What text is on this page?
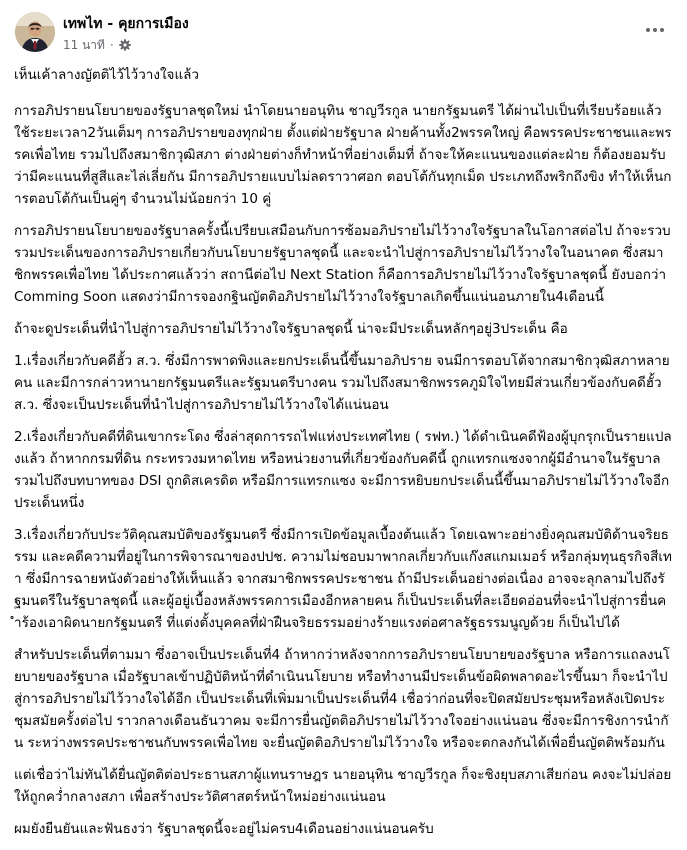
เทพไท - คุยการเมือง
11 นาที ·

เห็นเค้าลางญัตติไว้ไว้วางใจแล้ว

การอภิปรายนโยบายของรัฐบาลชุดใหม่ นำโดยนายอนุทิน ชาญวีรกูล นายกรัฐมนตรี ได้ผ่านไปเป็นที่เรียบร้อยแล้ว ใช้ระยะเวลา2วันเต็มๆ การอภิปรายของทุกฝ่าย ตั้งแต่ฝ่ายรัฐบาล ฝ่ายค้านทั้ง2พรรคใหญ่ คือพรรคประชาชนและพรรคเพื่อไทย รวมไปถึงสมาชิกวุฒิสภา ต่างฝ่ายต่างก็ทำหน้าที่อย่างเต็มที่ ถ้าจะให้คะแนนของแต่ละฝ่าย ก็ต้องยอมรับว่ามีคะแนนที่สูสีและไล่เลี่ยกัน มีการอภิปรายแบบไม่ลดราวาศอก ตอบโต้กันทุกเม็ด ประเภทถึงพริกถึงขิง ทำให้เห็นการตอบโต้กันเป็นคู่ๆ จำนวนไม่น้อยกว่า 10 คู่

การอภิปรายนโยบายของรัฐบาลครั้งนี้เปรียบเสมือนกับการซ้อมอภิปรายไม่ไว้วางใจรัฐบาลในโอกาสต่อไป ถ้าจะรวบรวมประเด็นของการอภิปรายเกี่ยวกับนโยบายรัฐบาลชุดนี้ และจะนำไปสู่การอภิปรายไม่ไว้วางใจในอนาคต ซึ่งสมาชิกพรรคเพื่อไทย ได้ประกาศแล้วว่า สถานีต่อไป Next Station ก็คือการอภิปรายไม่ไว้วางใจรัฐบาลชุดนี้ ยังบอกว่า Comming Soon แสดงว่ามีการจองกฐินญัตติอภิปรายไม่ไว้วางใจรัฐบาลเกิดขึ้นแน่นอนภายใน4เดือนนี้

ถ้าจะดูประเด็นที่นำไปสู่การอภิปรายไม่ไว้วางใจรัฐบาลชุดนี้ น่าจะมีประเด็นหลักๆอยู่3ประเด็น คือ

1.เรื่องเกี่ยวกับคดีฮั้ว ส.ว. ซึ่งมีการพาดพิงและยกประเด็นนี้ขึ้นมาอภิปราย จนมีการตอบโต้จากสมาชิกวุฒิสภาหลายคน และมีการกล่าวหานายกรัฐมนตรีและรัฐมนตรีบางคน รวมไปถึงสมาชิกพรรคภูมิใจไทยมีส่วนเกี่ยวข้องกับคดีฮั้ว ส.ว. ซึ่งจะเป็นประเด็นที่นำไปสู่การอภิปรายไม่ไว้วางใจได้แน่นอน

2.เรื่องเกี่ยวกับคดีที่ดินเขากระโดง ซึ่งล่าสุดการรถไฟแห่งประเทศไทย ( รฟท.) ได้ดำเนินคดีฟ้องผู้บุกรุกเป็นรายแปลงแล้ว ถ้าหากกรมที่ดิน กระทรวงมหาดไทย หรือหน่วยงานที่เกี่ยวข้องกับคดีนี้ ถูกแทรกแซงจากผู้มีอำนาจในรัฐบาล รวมไปถึงบทบาทของ DSI ถูกดิสเครดิต หรือมีการแทรกแซง จะมีการหยิบยกประเด็นนี้ขึ้นมาอภิปรายไม่ไว้วางใจอีกประเด็นหนึ่ง

3.เรื่องเกี่ยวกับประวัติคุณสมบัติของรัฐมนตรี ซึ่งมีการเปิดข้อมูลเบื้องต้นแล้ว โดยเฉพาะอย่างยิ่งคุณสมบัติด้านจริยธรรม และคดีความที่อยู่ในการพิจารณาของปปช. ความไม่ชอบมาพากลเกี่ยวกับแก๊งสแกมเมอร์ หรือกลุ่มทุนธุรกิจสีเทา ซึ่งมีการฉายหนังตัวอย่างให้เห็นแล้ว จากสมาชิกพรรคประชาชน ถ้ามีประเด็นอย่างต่อเนื่อง อาจจะลุกลามไปถึงรัฐมนตรีในรัฐบาลชุดนี้ และผู้อยู่เบื้องหลังพรรคการเมืองอีกหลายคน ก็เป็นประเด็นที่ละเอียดอ่อนที่จะนำไปสู่การยื่นคำร้องเอาผิดนายกรัฐมนตรี ที่แต่งตั้งบุคคลที่ฝ่าฝืนจริยธรรมอย่างร้ายแรงต่อศาลรัฐธรรมนูญด้วย ก็เป็นไปได้

สำหรับประเด็นที่ตามมา ซึ่งอาจเป็นประเด็นที่4 ถ้าหากว่าหลังจากการอภิปรายนโยบายของรัฐบาล หรือการแถลงนโยบายของรัฐบาล เมื่อรัฐบาลเข้าปฏิบัติหน้าที่ดำเนินนโยบาย หรือทำงานมีประเด็นข้อผิดพลาดอะไรขึ้นมา ก็จะนำไปสู่การอภิปรายไม่ไว้วางใจได้อีก เป็นประเด็นที่เพิ่มมาเป็นประเด็นที่4 เชื่อว่าก่อนที่จะปิดสมัยประชุมหรือหลังเปิดประชุมสมัยครั้งต่อไป ราวกลางเดือนธันวาคม จะมีการยื่นญัตติอภิปรายไม่ไว้วางใจอย่างแน่นอน ซึ่งจะมีการชิงการนำกัน ระหว่างพรรคประชาชนกับพรรคเพื่อไทย จะยื่นญัตติอภิปรายไม่ไว้วางใจ หรือจะตกลงกันได้เพื่อยื่นญัตติพร้อมกัน

แต่เชื่อว่าไม่ทันได้ยื่นญัตติต่อประธานสภาผู้แทนราษฎร นายอนุทิน ชาญวีรกูล ก็จะชิงยุบสภาเสียก่อน คงจะไม่ปล่อยให้ถูกคว่ำกลางสภา เพื่อสร้างประวัติศาสตร์หน้าใหม่อย่างแน่นอน

ผมยังยืนยันและฟันธงว่า รัฐบาลชุดนี้จะอยู่ไม่ครบ4เดือนอย่างแน่นอนครับ
